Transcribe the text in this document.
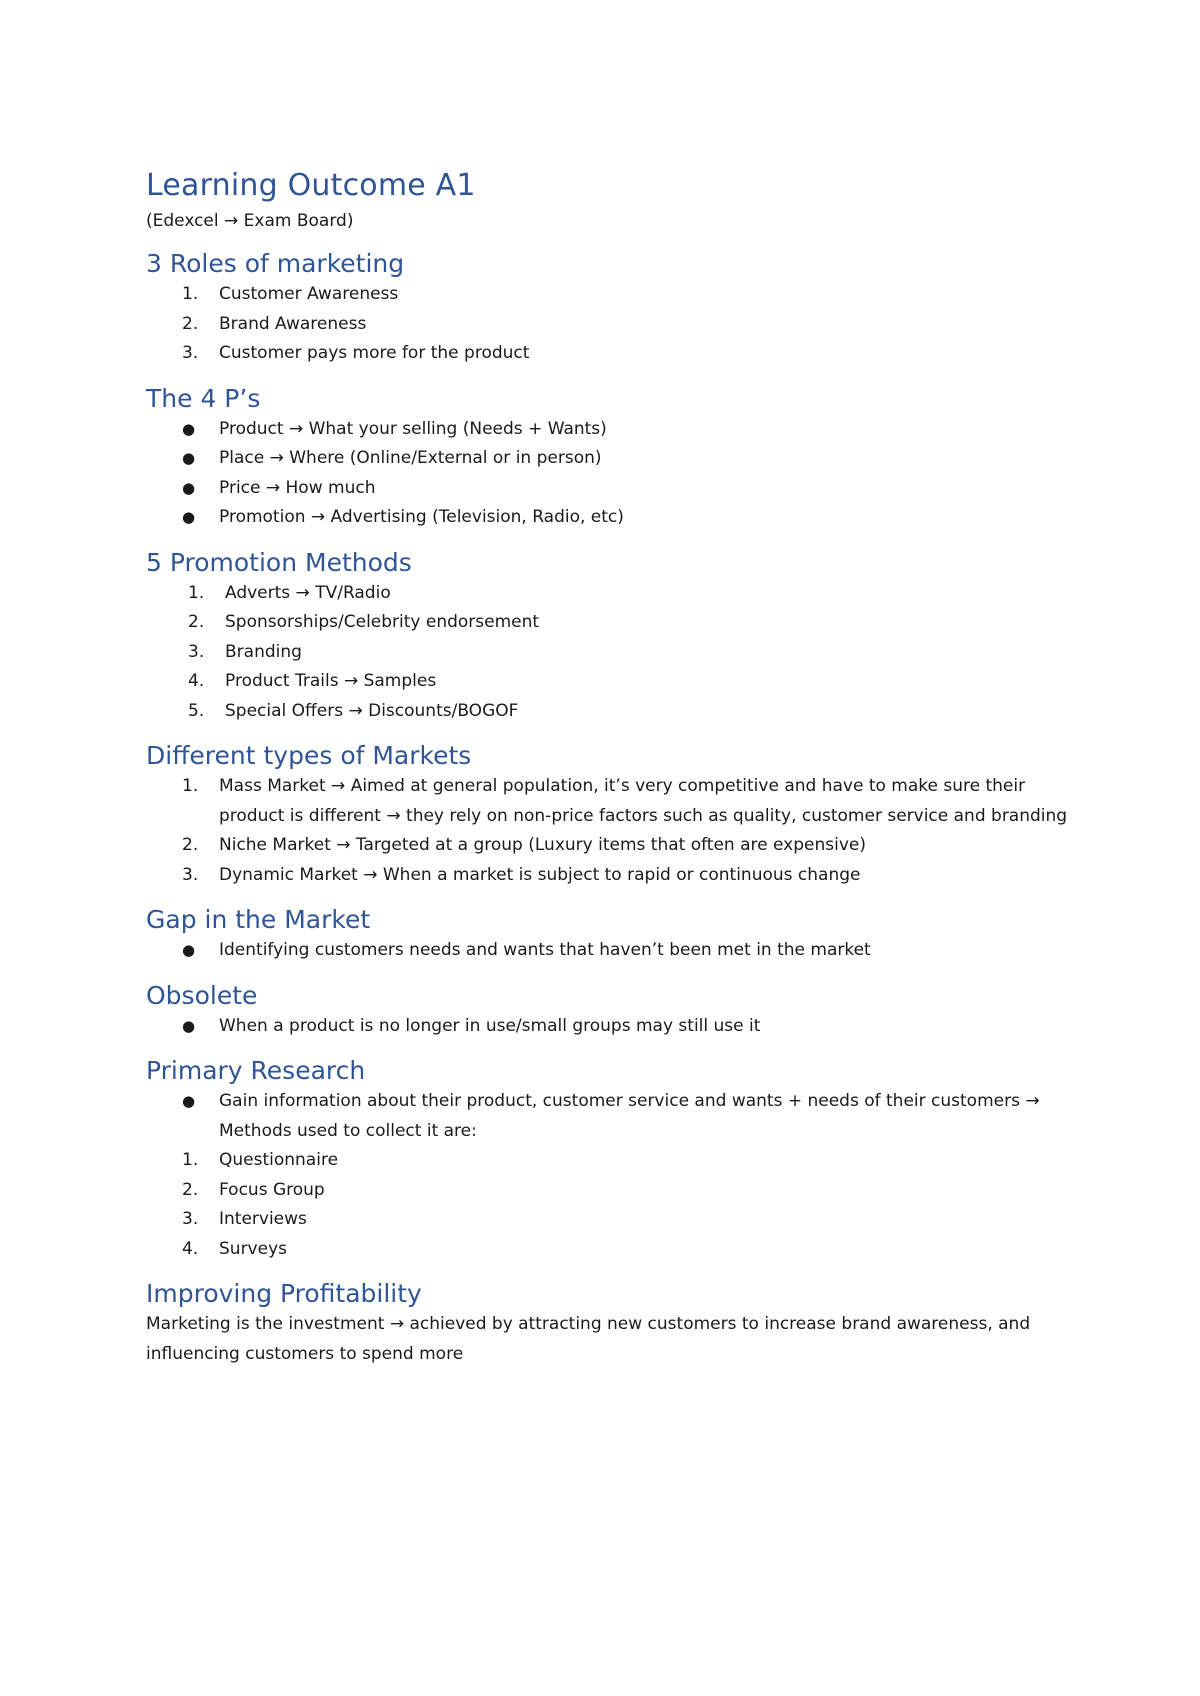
Learning Outcome A1
(Edexcel → Exam Board)
3 Roles of marketing
1.	Customer Awareness
2.	Brand Awareness
3.	Customer pays more for the product
The 4 P’s
●	Product → What your selling (Needs + Wants)
●	Place → Where (Online/External or in person)
●	Price → How much
●	Promotion → Advertising (Television, Radio, etc)
5 Promotion Methods
1.	Adverts → TV/Radio
2.	Sponsorships/Celebrity endorsement
3.	Branding
4.	Product Trails → Samples
5.	Special Offers → Discounts/BOGOF
Different types of Markets
1.	Mass Market → Aimed at general population, it’s very competitive and have to make sure their product is different → they rely on non-price factors such as quality, customer service and branding
2.	Niche Market → Targeted at a group (Luxury items that often are expensive)
3.	Dynamic Market → When a market is subject to rapid or continuous change
Gap in the Market
●	Identifying customers needs and wants that haven’t been met in the market
Obsolete
●	When a product is no longer in use/small groups may still use it
Primary Research
●	Gain information about their product, customer service and wants + needs of their customers → Methods used to collect it are:
1.	Questionnaire
2.	Focus Group
3.	Interviews
4.	Surveys
Improving Profitability
Marketing is the investment → achieved by attracting new customers to increase brand awareness, and influencing customers to spend more
